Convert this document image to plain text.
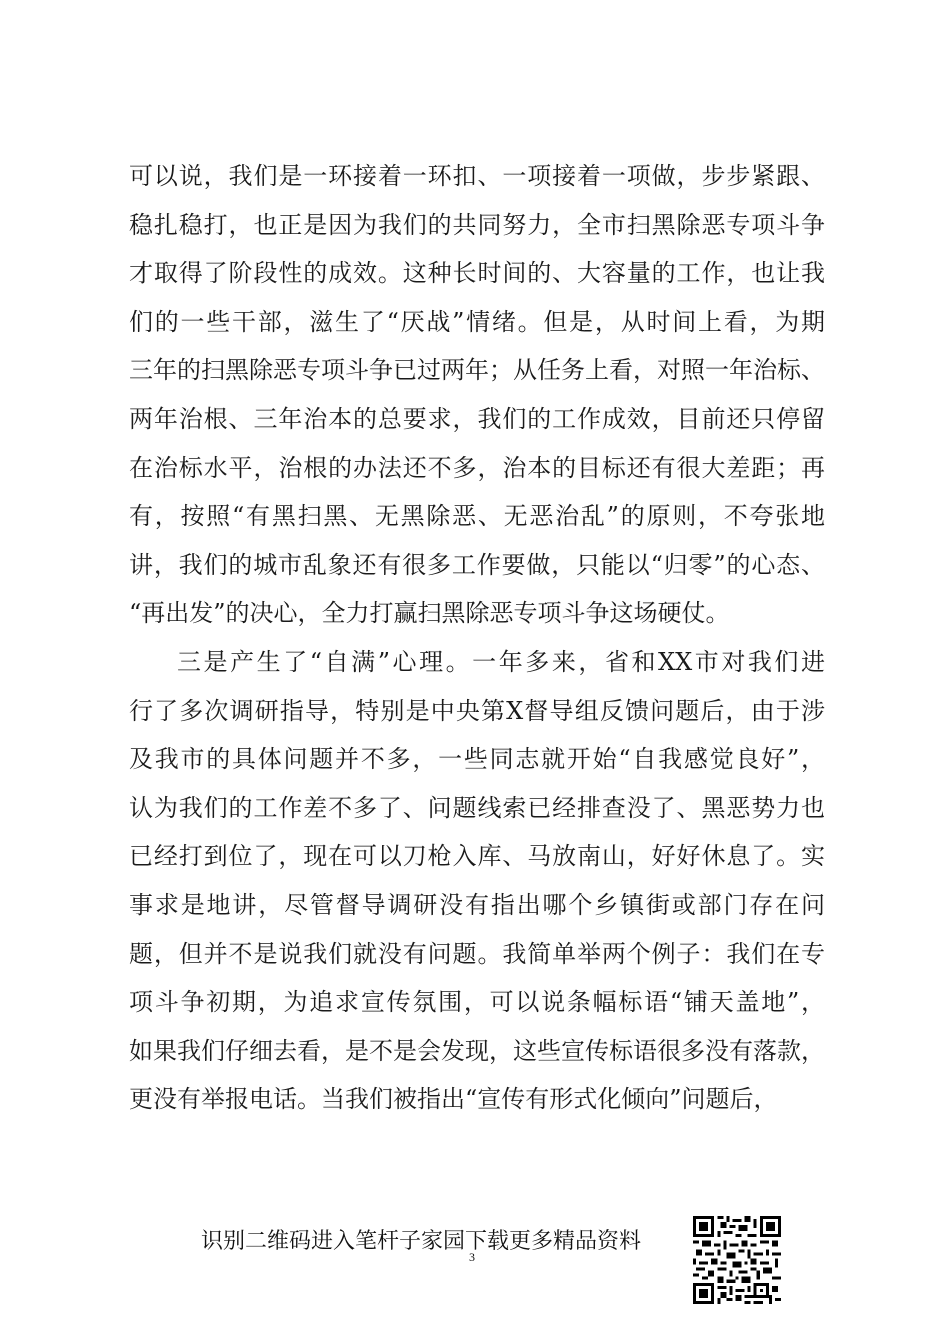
可以说，我们是一环接着一环扣、一项接着一项做，步步紧跟、
稳扎稳打，也正是因为我们的共同努力，全市扫黑除恶专项斗争
才取得了阶段性的成效。这种长时间的、大容量的工作，也让我
们的一些干部，滋生了“厌战”情绪。但是，从时间上看，为期
三年的扫黑除恶专项斗争已过两年；从任务上看，对照一年治标、
两年治根、三年治本的总要求，我们的工作成效，目前还只停留
在治标水平，治根的办法还不多，治本的目标还有很大差距；再
有，按照“有黑扫黑、无黑除恶、无恶治乱”的原则，不夸张地
讲，我们的城市乱象还有很多工作要做，只能以“归零”的心态、
“再出发”的决心，全力打赢扫黑除恶专项斗争这场硬仗。
三是产生了“自满”心理。一年多来，省和XX市对我们进
行了多次调研指导，特别是中央第X督导组反馈问题后，由于涉
及我市的具体问题并不多，一些同志就开始“自我感觉良好”，
认为我们的工作差不多了、问题线索已经排查没了、黑恶势力也
已经打到位了，现在可以刀枪入库、马放南山，好好休息了。实
事求是地讲，尽管督导调研没有指出哪个乡镇街或部门存在问
题，但并不是说我们就没有问题。我简单举两个例子：我们在专
项斗争初期，为追求宣传氛围，可以说条幅标语“铺天盖地”，
如果我们仔细去看，是不是会发现，这些宣传标语很多没有落款，
更没有举报电话。当我们被指出“宣传有形式化倾向”问题后，
识别二维码进入笔杆子家园下载更多精品资料
3
